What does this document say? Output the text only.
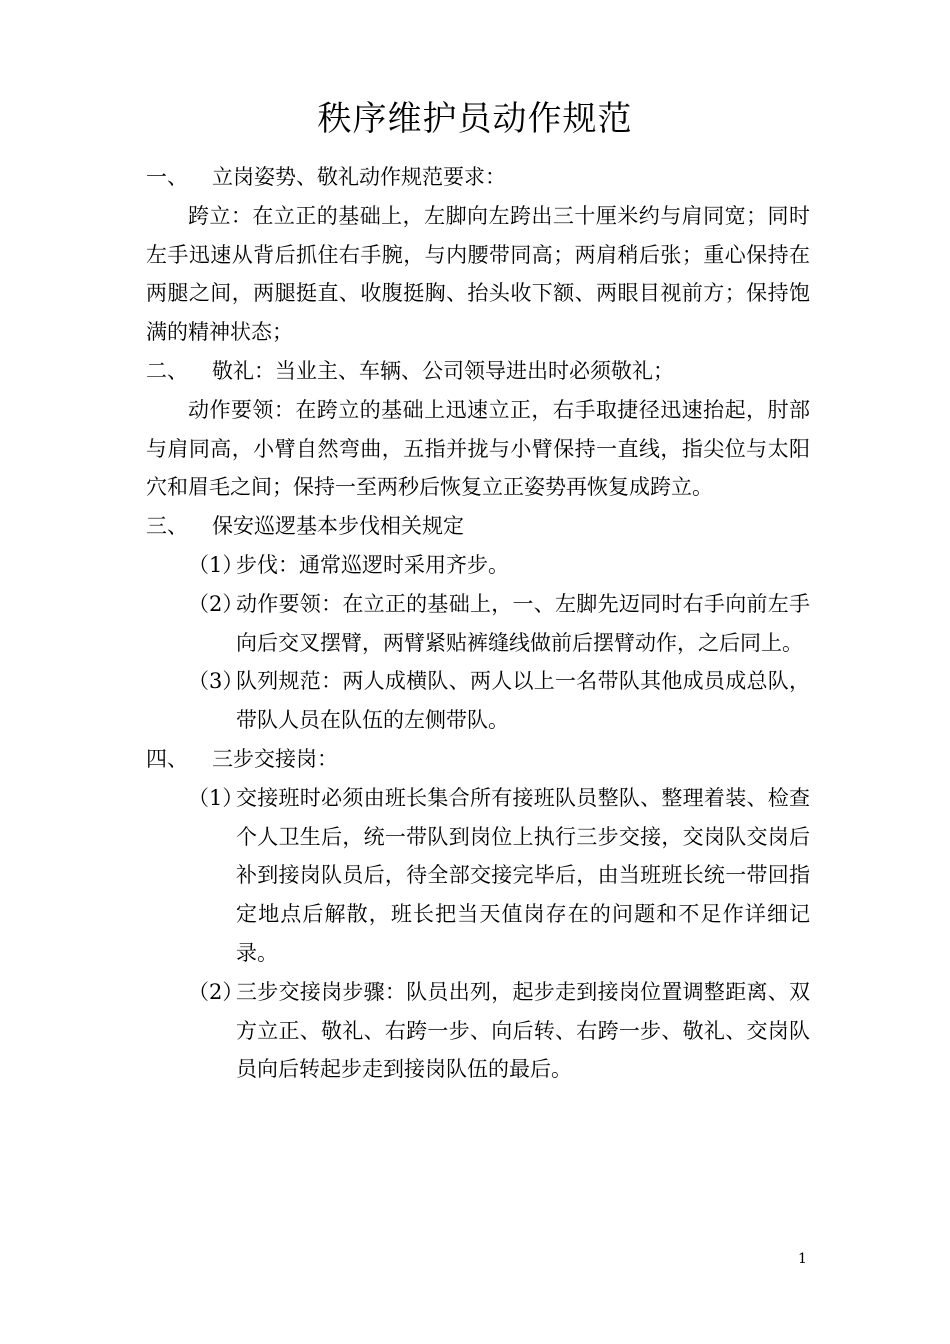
秩序维护员动作规范
一、	立岗姿势、敬礼动作规范要求：
跨立：在立正的基础上，左脚向左跨出三十厘米约与肩同宽；同时左手迅速从背后抓住右手腕，与内腰带同高；两肩稍后张；重心保持在两腿之间，两腿挺直、收腹挺胸、抬头收下额、两眼目视前方；保持饱满的精神状态；
二、	敬礼：当业主、车辆、公司领导进出时必须敬礼；
动作要领：在跨立的基础上迅速立正，右手取捷径迅速抬起，肘部与肩同高，小臂自然弯曲，五指并拢与小臂保持一直线，指尖位与太阳穴和眉毛之间；保持一至两秒后恢复立正姿势再恢复成跨立。
三、	保安巡逻基本步伐相关规定
（1）
步伐：通常巡逻时采用齐步。
（2）
动作要领：在立正的基础上，一、左脚先迈同时右手向前左手向后交叉摆臂，两臂紧贴裤缝线做前后摆臂动作，之后同上。
（3）
队列规范：两人成横队、两人以上一名带队其他成员成总队，带队人员在队伍的左侧带队。
四、	三步交接岗：
（1）
交接班时必须由班长集合所有接班队员整队、整理着装、检查个人卫生后，统一带队到岗位上执行三步交接，交岗队交岗后补到接岗队员后，待全部交接完毕后，由当班班长统一带回指定地点后解散，班长把当天值岗存在的问题和不足作详细记录。
（2）
三步交接岗步骤：队员出列，起步走到接岗位置调整距离、双方立正、敬礼、右跨一步、向后转、右跨一步、敬礼、交岗队员向后转起步走到接岗队伍的最后。
1
